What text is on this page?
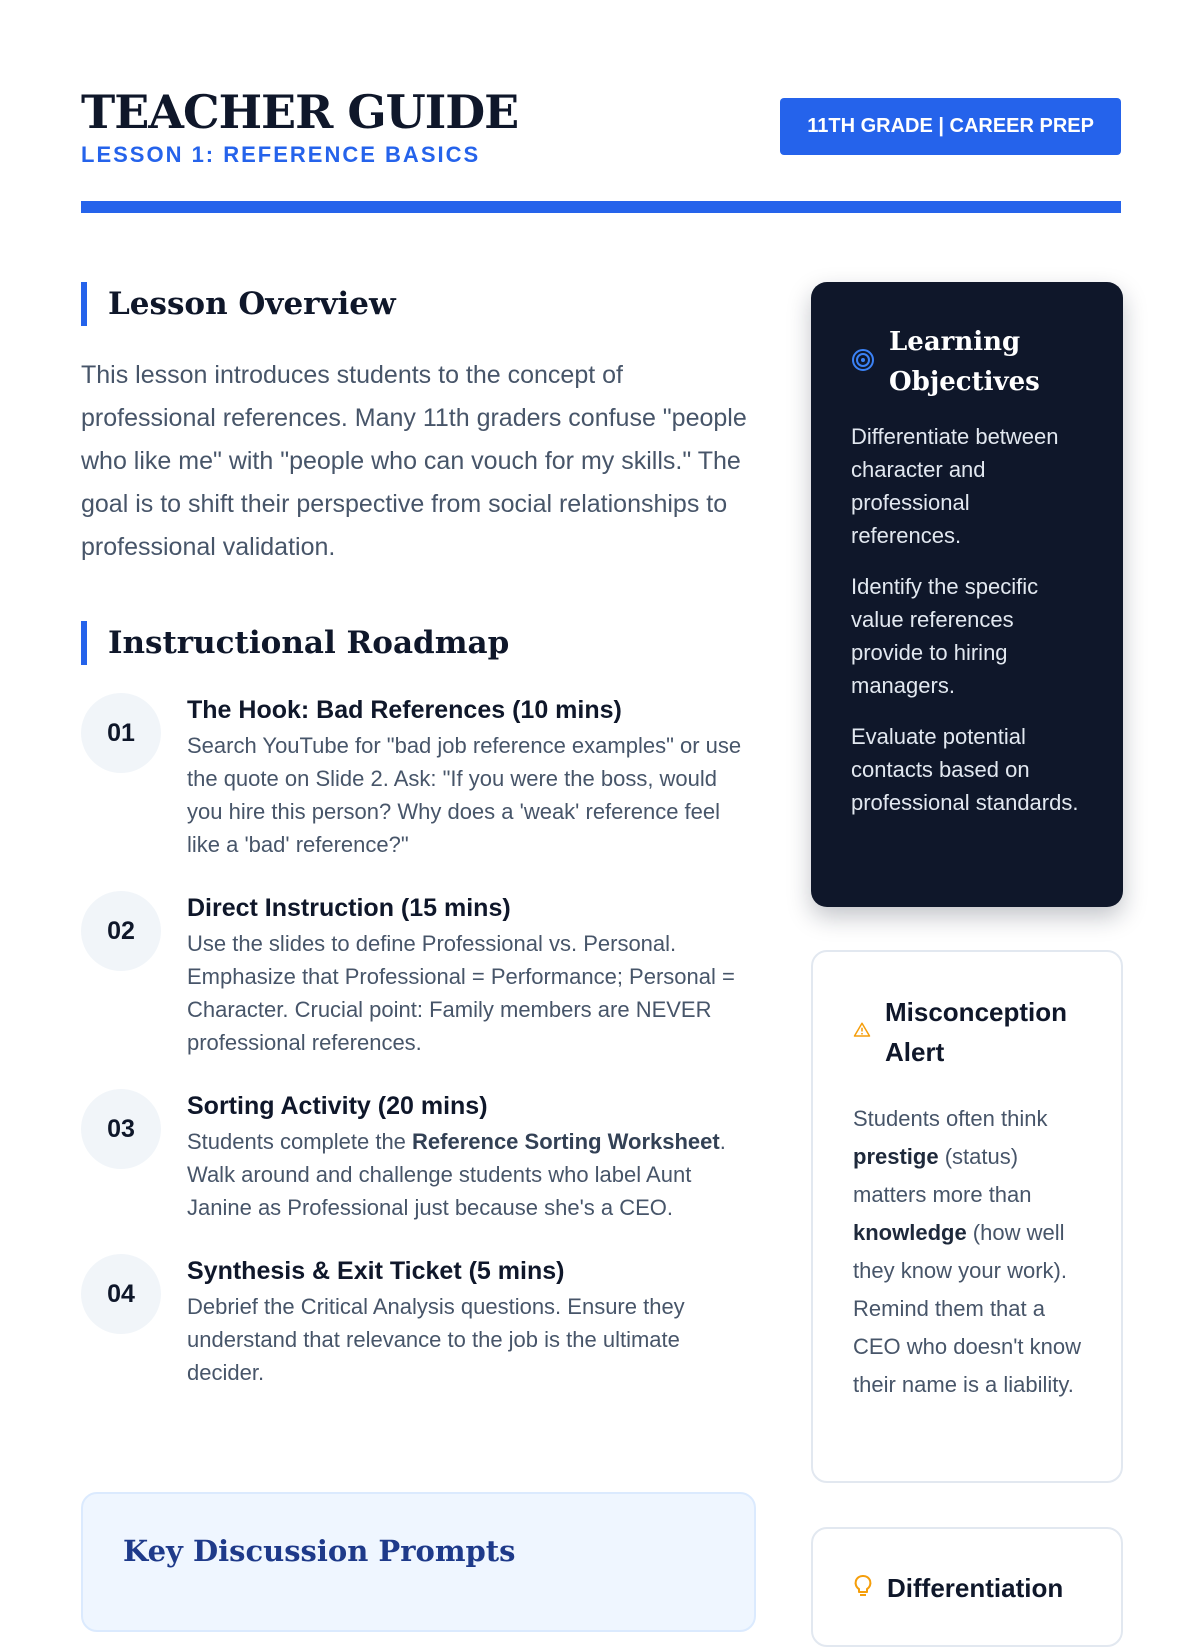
TEACHER GUIDE
LESSON 1: REFERENCE BASICS
11TH GRADE | CAREER PREP
Lesson Overview
This lesson introduces students to the concept of professional references. Many 11th graders confuse "people who like me" with "people who can vouch for my skills." The goal is to shift their perspective from social relationships to professional validation.
Instructional Roadmap
01
The Hook: Bad References (10 mins)
Search YouTube for "bad job reference examples" or use the quote on Slide 2. Ask: "If you were the boss, would you hire this person? Why does a 'weak' reference feel like a 'bad' reference?"
02
Direct Instruction (15 mins)
Use the slides to define Professional vs. Personal. Emphasize that Professional = Performance; Personal = Character. Crucial point: Family members are NEVER professional references.
03
Sorting Activity (20 mins)
Students complete the Reference Sorting Worksheet. Walk around and challenge students who label Aunt Janine as Professional just because she's a CEO.
04
Synthesis & Exit Ticket (5 mins)
Debrief the Critical Analysis questions. Ensure they understand that relevance to the job is the ultimate decider.
Key Discussion Prompts
Learning Objectives
Differentiate between character and professional references.
Identify the specific value references provide to hiring managers.
Evaluate potential contacts based on professional standards.
Misconception Alert
Students often think prestige (status) matters more than knowledge (how well they know your work). Remind them that a CEO who doesn't know their name is a liability.
Differentiation
